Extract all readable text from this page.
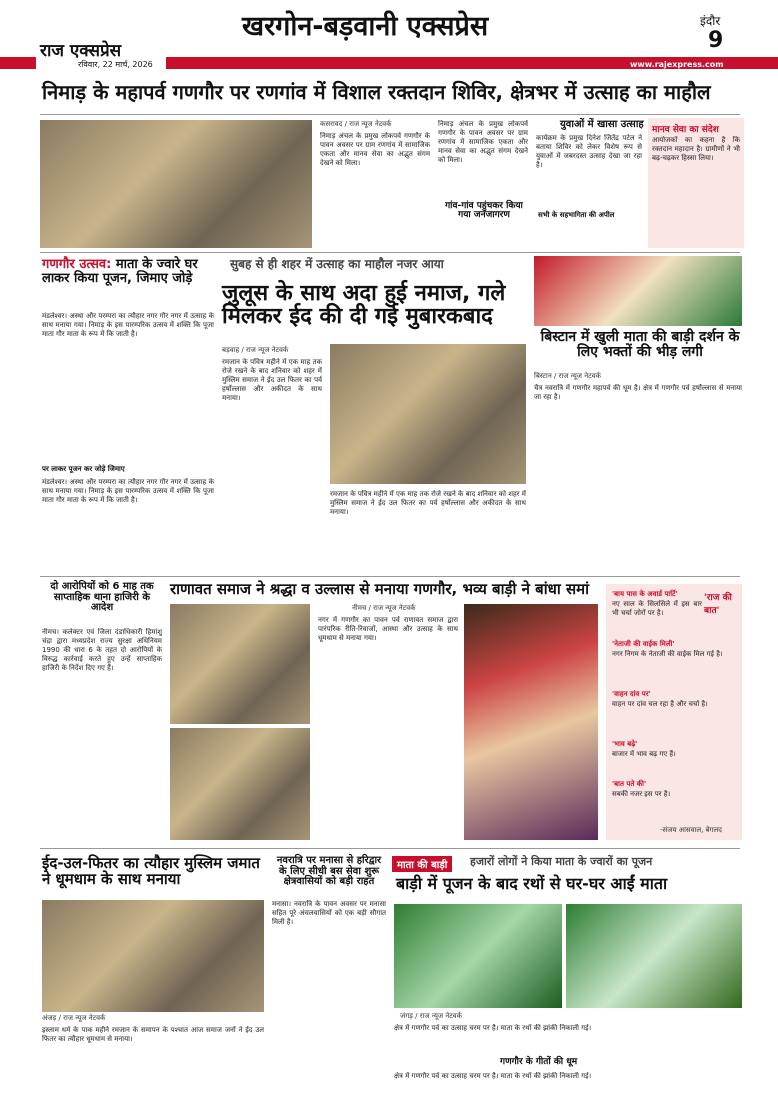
राज एक्सप्रेस
रविवार, 22 मार्च, 2026
खरगोन-बड़वानी एक्सप्रेस	इंदौर
9
www.rajexpress.com
निमाड़ के महापर्व गणगौर पर रणगांव में विशाल रक्तदान शिविर, क्षेत्रभर में उत्साह का माहौल
कसरावद / राज न्यूज नेटवर्क
निमाड़ अंचल के प्रमुख लोकपर्व गणगौर के पावन अवसर पर ग्राम रणगांव में सामाजिक एकता और मानव सेवा का अद्भुत संगम देखने को मिला।
निमाड़ अंचल के प्रमुख लोकपर्व गणगौर के पावन अवसर पर ग्राम रणगांव में सामाजिक एकता और मानव सेवा का अद्भुत संगम देखने को मिला।
गांव-गांव पहुंचकर किया गया जनजागरण
युवाओं में खासा उत्साह
कार्यक्रम के प्रमुख दिनेश जितेंद्र पटेल ने बताया शिविर को लेकर विशेष रूप से युवाओं में जबरदस्त उत्साह देखा जा रहा है।
सभी के सहभागिता की अपील
मानव सेवा का संदेश
आयोजकों का कहना है कि रक्तदान महादान है। ग्रामीणों ने भी बढ़-चढ़कर हिस्सा लिया।
गणगौर उत्सव: माता के ज्वारे घर लाकर किया पूजन, जिमाए जोड़े
मंडलेश्वर। अस्था और परम्परा का त्यौहार नगर गौर नगर में उत्साह के साथ मनाया गया। निमाड़ के इस पारम्परिक उत्सव में शक्ति कि पूजा माता गौर माता के रूप में कि जाती है।
पर लाकर पूजन कर जोड़े जिमाए
मंडलेश्वर। अस्था और परम्परा का त्यौहार नगर गौर नगर में उत्साह के साथ मनाया गया। निमाड़ के इस पारम्परिक उत्सव में शक्ति कि पूजा माता गौर माता के रूप में कि जाती है।
सुबह से ही शहर में उत्साह का माहौल नजर आया
जुलूस के साथ अदा हुई नमाज, गले मिलकर ईद की दी गई मुबारकबाद
बड़वाह / राज न्यूज नेटवर्क
रमजान के पवित्र महीने में एक माह तक रोजे रखने के बाद शनिवार को शहर में मुस्लिम समाज ने ईद उल फितर का पर्व हर्षोल्लास और अकीदत के साथ मनाया।
रमजान के पवित्र महीने में एक माह तक रोजे रखने के बाद शनिवार को शहर में मुस्लिम समाज ने ईद उल फितर का पर्व हर्षोल्लास और अकीदत के साथ मनाया।
बिस्टान में खुली माता की बाड़ी दर्शन के लिए भक्तों की भीड़ लगी
बिस्टान / राज न्यूज नेटवर्क
चैत्र नवरात्रि में गणगौर महापर्व की धूम है। क्षेत्र में गणगौर पर्व हर्षोल्लास से मनाया जा रहा है।
दो आरोपियों को 6 माह तक साप्ताहिक थाना हाजिरी के आदेश
नीमच। कलेक्टर एवं जिला दंडाधिकारी हिमांशु चंद्रा द्वारा मध्यप्रदेश राज्य सुरक्षा अधिनियम 1990 की धारा 6 के तहत दो आरोपियों के विरुद्ध कार्रवाई करते हुए उन्हें साप्ताहिक हाजिरी के निर्देश दिए गए हैं।
राणावत समाज ने श्रद्धा व उल्लास से मनाया गणगौर, भव्य बाड़ी ने बांधा समां
नीमच / राज न्यूज नेटवर्क
नगर में गणगौर का पावन पर्व राणावत समाज द्वारा पारंपरिक रीति-रिवाजों, आस्था और उत्साह के साथ धूमधाम से मनाया गया।
'राज की बात'
'बाय पास के अवार्ड पार्टि'
नए साल के सिलसिले में इस बार भी चर्चा जोरों पर है।
'नेताजी की वाईक मिली'
नगर निगम के नेताजी की वाईक मिल गई है।
'वाहन दांव पर'
वाहन पर दांव चल रहा है और चर्चा है।
'भाव बढ़े'
बाजार में भाव बढ़ गए हैं।
'बात पते की'
सबकी नजर इस पर है।
-संजय आसवाल, बेगलद
ईद-उल-फितर का त्यौहार मुस्लिम जमात ने धूमधाम के साथ मनाया
अंजड़ / राज न्यूज नेटवर्क
इस्लाम धर्म के पाक महीने रमजान के समापन के पश्चात आज समाज जनों ने ईद उल फितर का त्यौहार धूमधाम से मनाया।
नवरात्रि पर मनासा से हरिद्वार के लिए सीधी बस सेवा शुरू क्षेत्रवासियों को बड़ी राहत
मनासा। नवरात्रि के पावन अवसर पर मनासा सहित पूरे अंचलवासियों को एक बड़ी सौगात मिली है।
माता की बाड़ी	हजारों लोगों ने किया माता के ज्वारों का पूजन
बाड़ी में पूजन के बाद रथों से घर-घर आईं माता
जंगड़ / राज न्यूज नेटवर्क
क्षेत्र में गणगौर पर्व का उत्साह चरम पर है। माता के रथों की झांकी निकाली गई।
गणगौर के गीतों की धूम
क्षेत्र में गणगौर पर्व का उत्साह चरम पर है। माता के रथों की झांकी निकाली गई।
